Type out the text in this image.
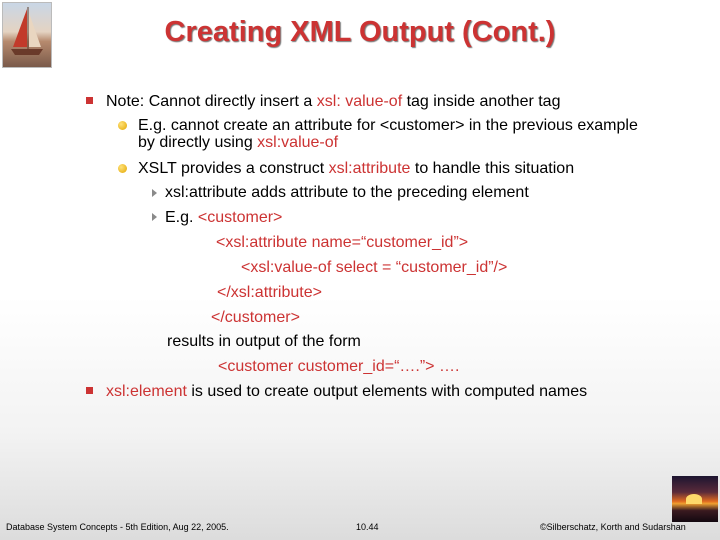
Creating XML Output (Cont.)
Note: Cannot directly insert a xsl: value-of tag inside another tag
E.g. cannot create an attribute for <customer> in the previous example
by directly using xsl:value-of
XSLT provides a construct xsl:attribute to handle this situation
xsl:attribute adds attribute to the preceding element
E.g. <customer>
<xsl:attribute name=“customer_id”>
<xsl:value-of select = “customer_id”/>
</xsl:attribute>
</customer>
results in output of the form
<customer customer_id=“….”> ….
xsl:element is used to create output elements with computed names
Database System Concepts - 5th Edition, Aug 22, 2005.	10.44	©Silberschatz, Korth and Sudarshan
